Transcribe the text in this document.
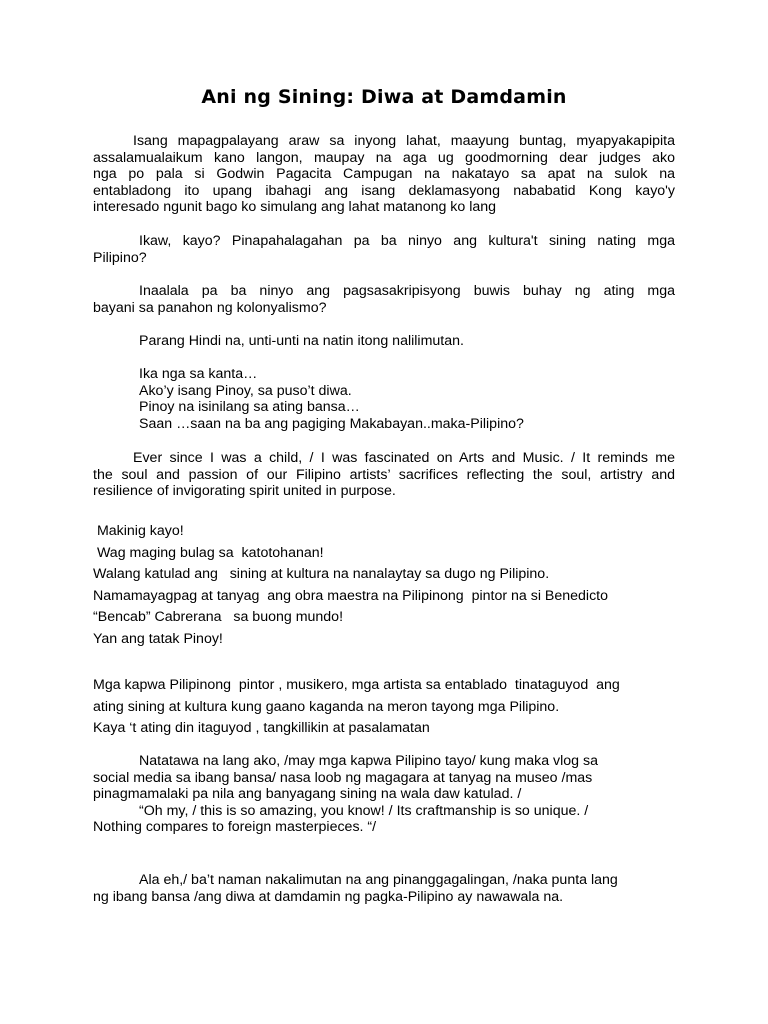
Ani ng Sining: Diwa at Damdamin
Isang mapagpalayang araw sa inyong lahat, maayung buntag, myapyakapipita
assalamualaikum kano langon, maupay na aga ug goodmorning dear judges ako
nga po pala si Godwin Pagacita Campugan na nakatayo sa apat na sulok na
entabladong ito upang ibahagi ang isang deklamasyong nababatid Kong kayo'y
interesado ngunit bago ko simulang ang lahat matanong ko lang
Ikaw, kayo? Pinapahalagahan pa ba ninyo ang kultura't sining nating mga
Pilipino?
Inaalala pa ba ninyo ang pagsasakripisyong buwis buhay ng ating mga
bayani sa panahon ng kolonyalismo?
Parang Hindi na, unti-unti na natin itong nalilimutan.
Ika nga sa kanta…
Ako’y isang Pinoy, sa puso’t diwa.
Pinoy na isinilang sa ating bansa…
Saan …saan na ba ang pagiging Makabayan..maka-Pilipino?
Ever since I was a child, / I was fascinated on Arts and Music. / It reminds me
the soul and passion of our Filipino artists’ sacrifices reflecting the soul, artistry and
resilience of invigorating spirit united in purpose.
Makinig kayo!
Wag maging bulag sa  katotohanan!
Walang katulad ang   sining at kultura na nanalaytay sa dugo ng Pilipino.
Namamayagpag at tanyag  ang obra maestra na Pilipinong  pintor na si Benedicto
“Bencab” Cabrerana   sa buong mundo!
Yan ang tatak Pinoy!
Mga kapwa Pilipinong  pintor , musikero, mga artista sa entablado  tinataguyod  ang
ating sining at kultura kung gaano kaganda na meron tayong mga Pilipino.
Kaya ‘t ating din itaguyod , tangkillikin at pasalamatan
Natatawa na lang ako, /may mga kapwa Pilipino tayo/ kung maka vlog sa
social media sa ibang bansa/ nasa loob ng magagara at tanyag na museo /mas
pinagmamalaki pa nila ang banyagang sining na wala daw katulad. /
“Oh my, / this is so amazing, you know! / Its craftmanship is so unique. /
Nothing compares to foreign masterpieces. “/
Ala eh,/ ba’t naman nakalimutan na ang pinanggagalingan, /naka punta lang
ng ibang bansa /ang diwa at damdamin ng pagka-Pilipino ay nawawala na.
